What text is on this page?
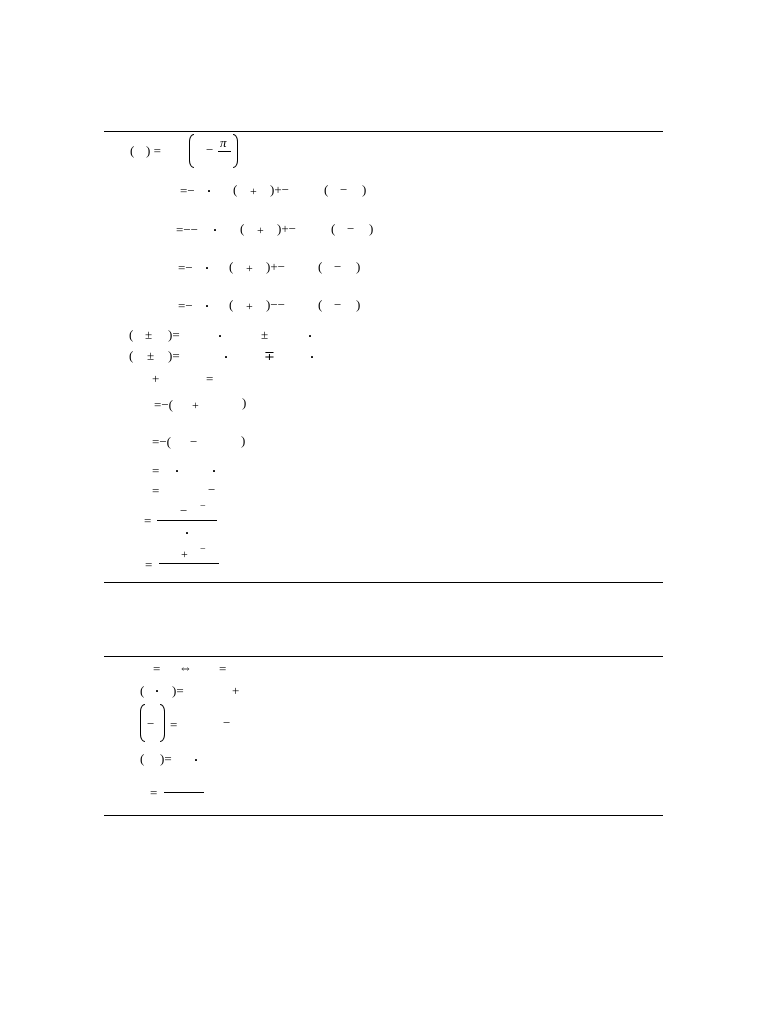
( ) =	− π
=−	( + )+−	( − )
=−−	( + )+−	( − )
=−	( + )+−	( − )
=−	( + )−−	( − )
( ± )=	±
( ± )=	∓
+	=
=−( +	)
=−( −	)
=
=	−
− −
=
+ −
=
= ⇔ =
( )=	+
− =	−
( )=
=
